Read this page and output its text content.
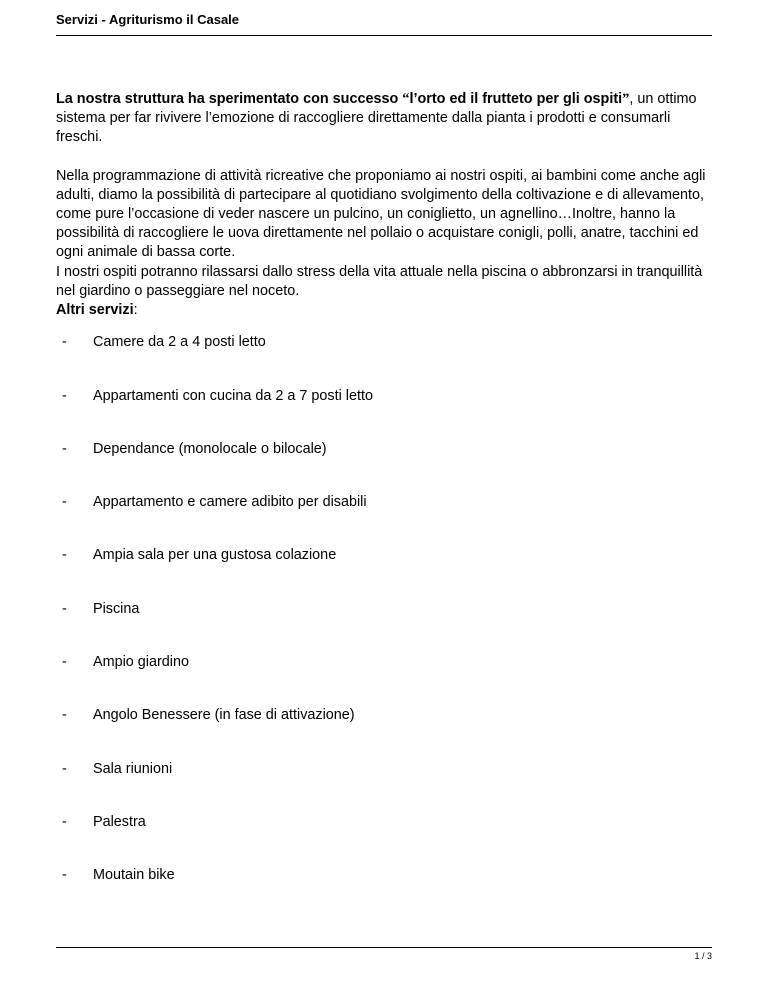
Servizi - Agriturismo il Casale

La nostra struttura ha sperimentato con successo “l’orto ed il frutteto per gli ospiti”, un ottimo sistema per far rivivere l’emozione di raccogliere direttamente dalla pianta i prodotti e consumarli freschi.

Nella programmazione di attività ricreative che proponiamo ai nostri ospiti, ai bambini come anche agli adulti, diamo la possibilità di partecipare al quotidiano svolgimento della coltivazione e di allevamento, come pure l’occasione di veder nascere un pulcino, un coniglietto, un agnellino…Inoltre, hanno la possibilità di raccogliere le uova direttamente nel pollaio o acquistare conigli, polli, anatre, tacchini ed ogni animale di bassa corte.

I nostri ospiti potranno rilassarsi dallo stress della vita attuale nella piscina o abbronzarsi in tranquillità nel giardino o passeggiare nel noceto.

Altri servizi:

- Camere da 2 a 4 posti letto
- Appartamenti con cucina da 2 a 7 posti letto
- Dependance (monolocale o bilocale)
- Appartamento e camere adibito per disabili
- Ampia sala per una gustosa colazione
- Piscina
- Ampio giardino
- Angolo Benessere (in fase di attivazione)
- Sala riunioni
- Palestra
- Moutain bike
1 / 3
